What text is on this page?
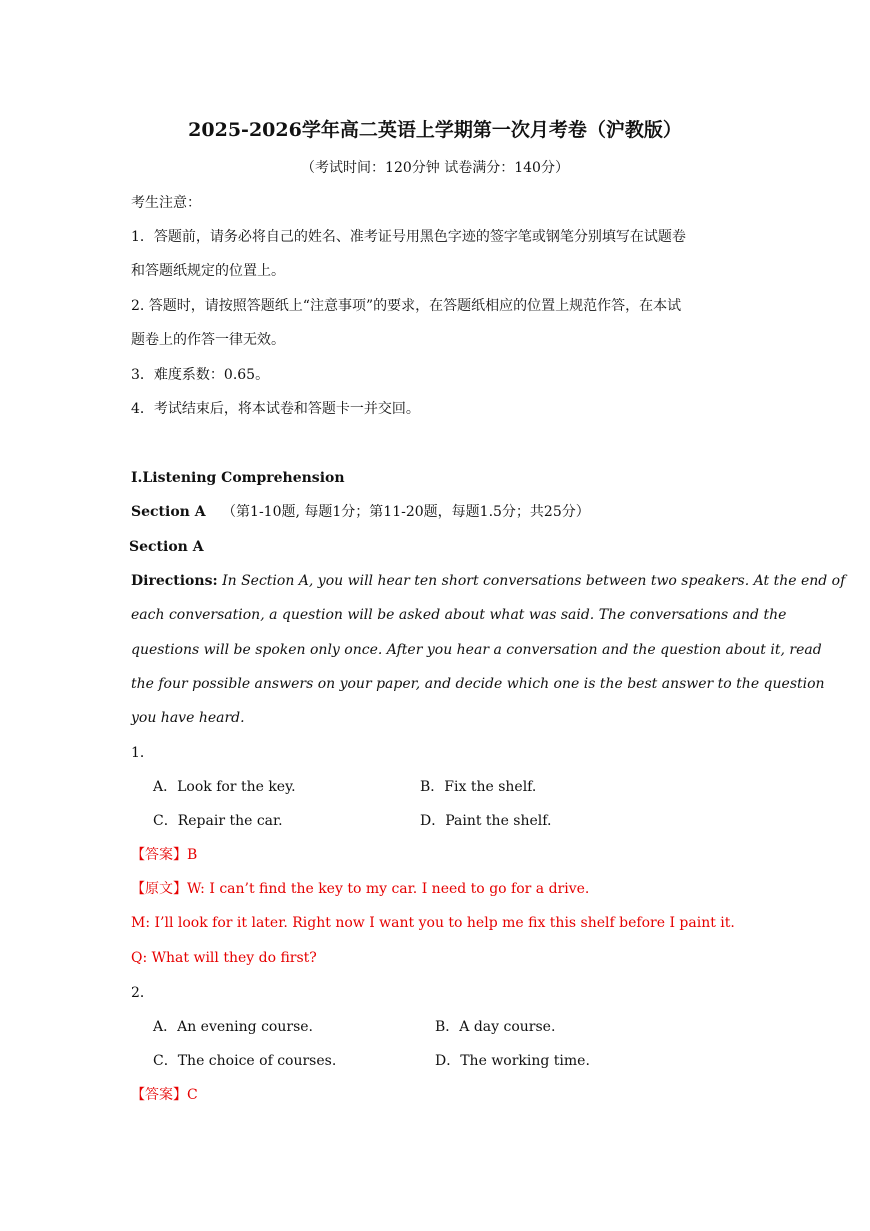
2025-2026学年高二英语上学期第一次月考卷（沪教版）
（考试时间：120分钟 试卷满分：140分）
考生注意：
1．答题前，请务必将自己的姓名、准考证号用黑色字迹的签字笔或钢笔分别填写在试题卷
和答题纸规定的位置上。
2. 答题时，请按照答题纸上“注意事项”的要求，在答题纸相应的位置上规范作答，在本试
题卷上的作答一律无效。
3．难度系数：0.65。
4．考试结束后，将本试卷和答题卡一并交回。
I.Listening Comprehension
Section A （第1-10题, 每题1分；第11-20题，每题1.5分；共25分）
Section A
Directions: In Section A, you will hear ten short conversations between two speakers. At the end of
each conversation, a question will be asked about what was said. The conversations and the
questions will be spoken only once. After you hear a conversation and the question about it, read
the four possible answers on your paper, and decide which one is the best answer to the question
you have heard.
1．
A．Look for the key.	B．Fix the shelf.
C．Repair the car.	D．Paint the shelf.
【答案】B
【原文】W: I can’t find the key to my car. I need to go for a drive.
M: I’ll look for it later. Right now I want you to help me fix this shelf before I paint it.
Q: What will they do first?
2．
A．An evening course.	B．A day course.
C．The choice of courses.	D．The working time.
【答案】C
